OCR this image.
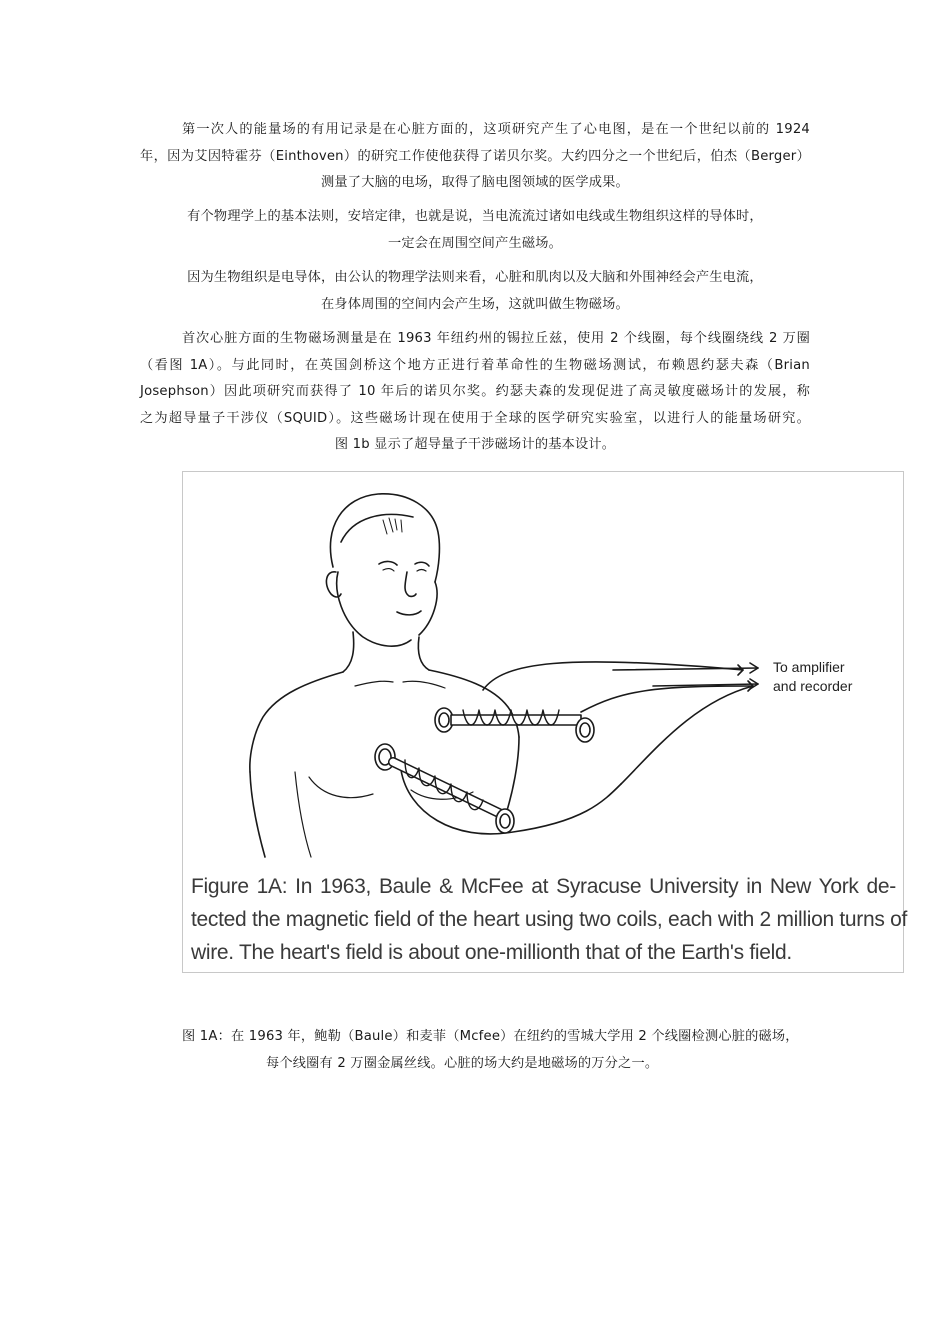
第一次人的能量场的有用记录是在心脏方面的，这项研究产生了心电图，是在一个世纪以前的 1924
年，因为艾因特霍芬（Einthoven）的研究工作使他获得了诺贝尔奖。大约四分之一个世纪后，伯杰（Berger）
测量了大脑的电场，取得了脑电图领域的医学成果。
有个物理学上的基本法则，安培定律，也就是说，当电流流过诸如电线或生物组织这样的导体时，
一定会在周围空间产生磁场。
因为生物组织是电导体，由公认的物理学法则来看，心脏和肌肉以及大脑和外围神经会产生电流，
在身体周围的空间内会产生场，这就叫做生物磁场。
首次心脏方面的生物磁场测量是在 1963 年纽约州的锡拉丘兹，使用 2 个线圈，每个线圈绕线 2 万圈
（看图 1A）。与此同时，在英国剑桥这个地方正进行着革命性的生物磁场测试，布赖恩约瑟夫森（Brian
Josephson）因此项研究而获得了 10 年后的诺贝尔奖。约瑟夫森的发现促进了高灵敏度磁场计的发展，称
之为超导量子干涉仪（SQUID）。这些磁场计现在使用于全球的医学研究实验室，以进行人的能量场研究。
图 1b 显示了超导量子干涉磁场计的基本设计。
To amplifier
and recorder
Figure 1A: In 1963, Baule & McFee at Syracuse University in New York de-
tected the magnetic field of the heart using two coils, each with 2 million turns of
wire. The heart's field is about one-millionth that of the Earth's field.
图 1A：在 1963 年，鲍勒（Baule）和麦菲（Mcfee）在纽约的雪城大学用 2 个线圈检测心脏的磁场，
每个线圈有 2 万圈金属丝线。心脏的场大约是地磁场的万分之一。
